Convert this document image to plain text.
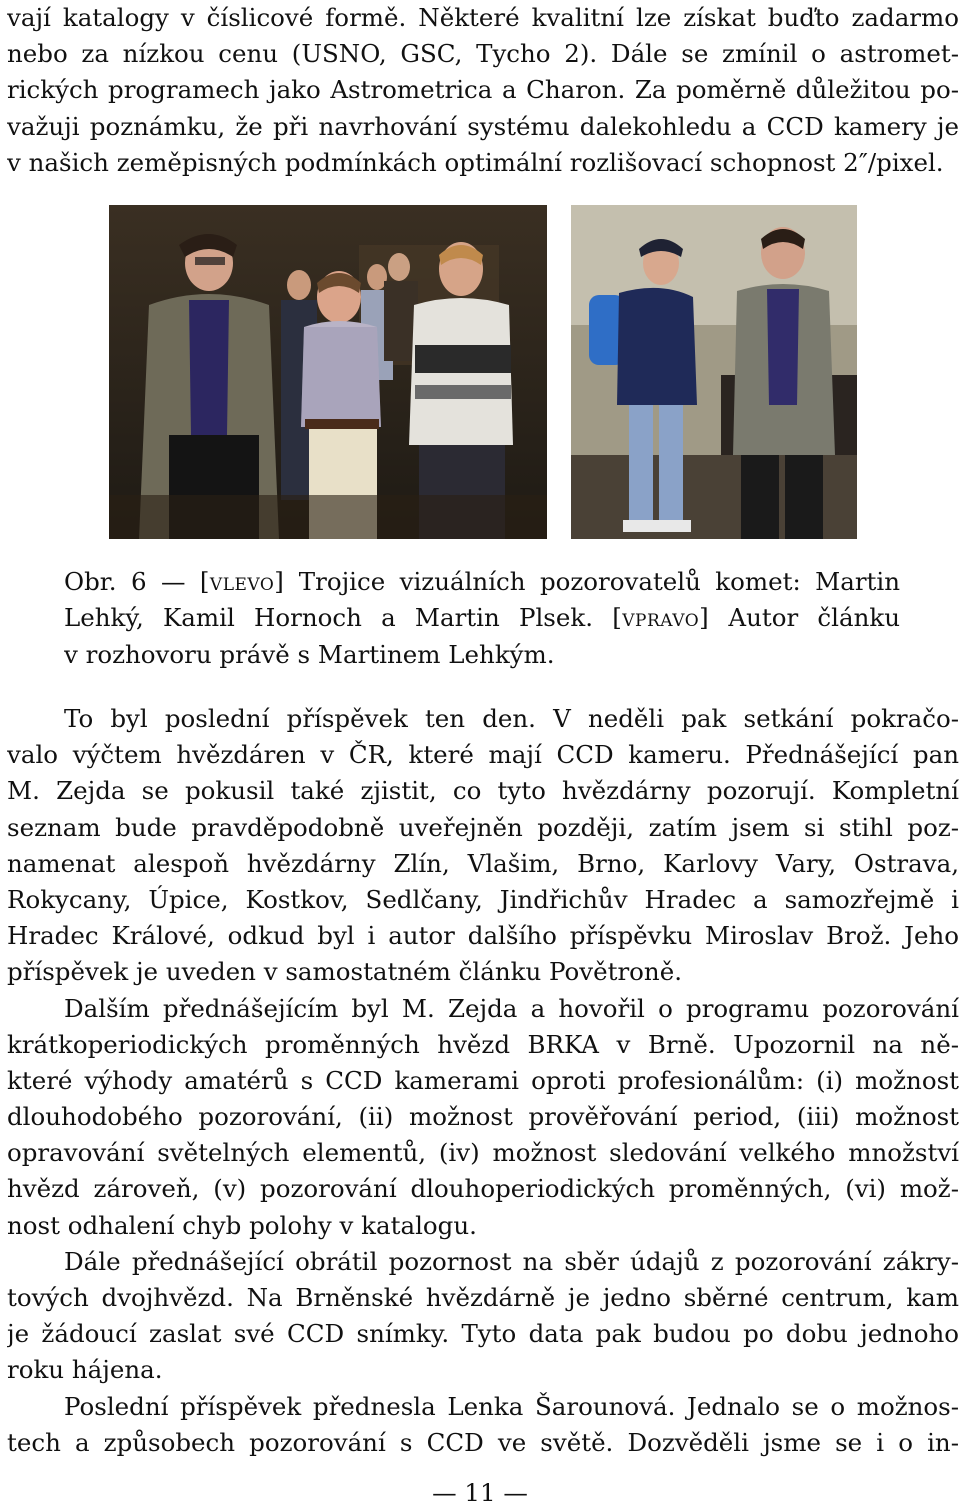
vají katalogy v číslicové formě. Některé kvalitní lze získat buďto zadarmo
nebo za nízkou cenu (USNO, GSC, Tycho 2). Dále se zmínil o astromet-
rických programech jako Astrometrica a Charon. Za poměrně důležitou po-
važuji poznámku, že při navrhování systému dalekohledu a CCD kamery je
v našich zeměpisných podmínkách optimální rozlišovací schopnost 2″/pixel.
Obr. 6 — [vlevo] Trojice vizuálních pozorovatelů komet: Martin
Lehký, Kamil Hornoch a Martin Plsek. [vpravo] Autor článku
v rozhovoru právě s Martinem Lehkým.
To byl poslední příspěvek ten den. V neděli pak setkání pokračo-
valo výčtem hvězdáren v ČR, které mají CCD kameru. Přednášející pan
M. Zejda se pokusil také zjistit, co tyto hvězdárny pozorují. Kompletní
seznam bude pravděpodobně uveřejněn později, zatím jsem si stihl poz-
namenat alespoň hvězdárny Zlín, Vlašim, Brno, Karlovy Vary, Ostrava,
Rokycany, Úpice, Kostkov, Sedlčany, Jindřichův Hradec a samozřejmě i
Hradec Králové, odkud byl i autor dalšího příspěvku Miroslav Brož. Jeho
příspěvek je uveden v samostatném článku Povětroně.
Dalším přednášejícím byl M. Zejda a hovořil o programu pozorování
krátkoperiodických proměnných hvězd BRKA v Brně. Upozornil na ně-
které výhody amatérů s CCD kamerami oproti profesionálům: (i) možnost
dlouhodobého pozorování, (ii) možnost prověřování period, (iii) možnost
opravování světelných elementů, (iv) možnost sledování velkého množství
hvězd zároveň, (v) pozorování dlouhoperiodických proměnných, (vi) mož-
nost odhalení chyb polohy v katalogu.
Dále přednášející obrátil pozornost na sběr údajů z pozorování zákry-
tových dvojhvězd. Na Brněnské hvězdárně je jedno sběrné centrum, kam
je žádoucí zaslat své CCD snímky. Tyto data pak budou po dobu jednoho
roku hájena.
Poslední příspěvek přednesla Lenka Šarounová. Jednalo se o možnos-
tech a způsobech pozorování s CCD ve světě. Dozvěděli jsme se i o in-
— 11 —
